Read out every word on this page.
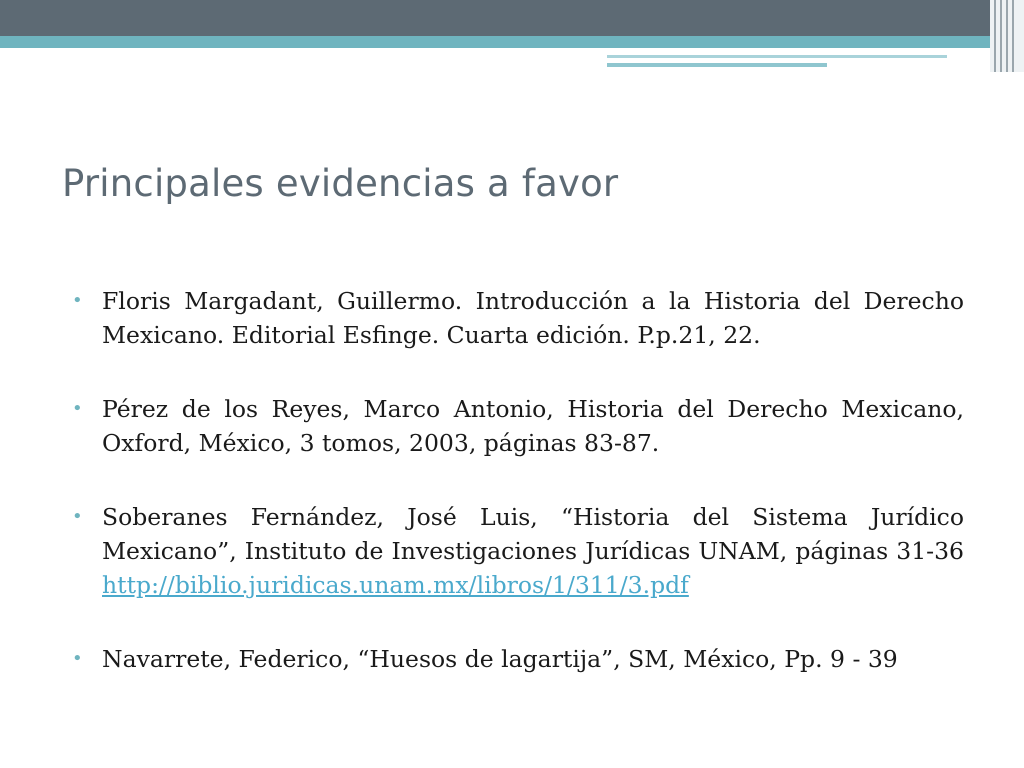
Principales evidencias a favor
• Floris Margadant, Guillermo. Introducción a la Historia del Derecho Mexicano. Editorial Esfinge. Cuarta edición. P.p.21, 22.
• Pérez de los Reyes, Marco Antonio, Historia del Derecho Mexicano, Oxford, México, 3 tomos, 2003, páginas 83-87.
• Soberanes Fernández, José Luis, “Historia del Sistema Jurídico Mexicano”, Instituto de Investigaciones Jurídicas UNAM, páginas 31-36 http://biblio.juridicas.unam.mx/libros/1/311/3.pdf
• Navarrete, Federico, “Huesos de lagartija”, SM, México, Pp. 9 - 39
